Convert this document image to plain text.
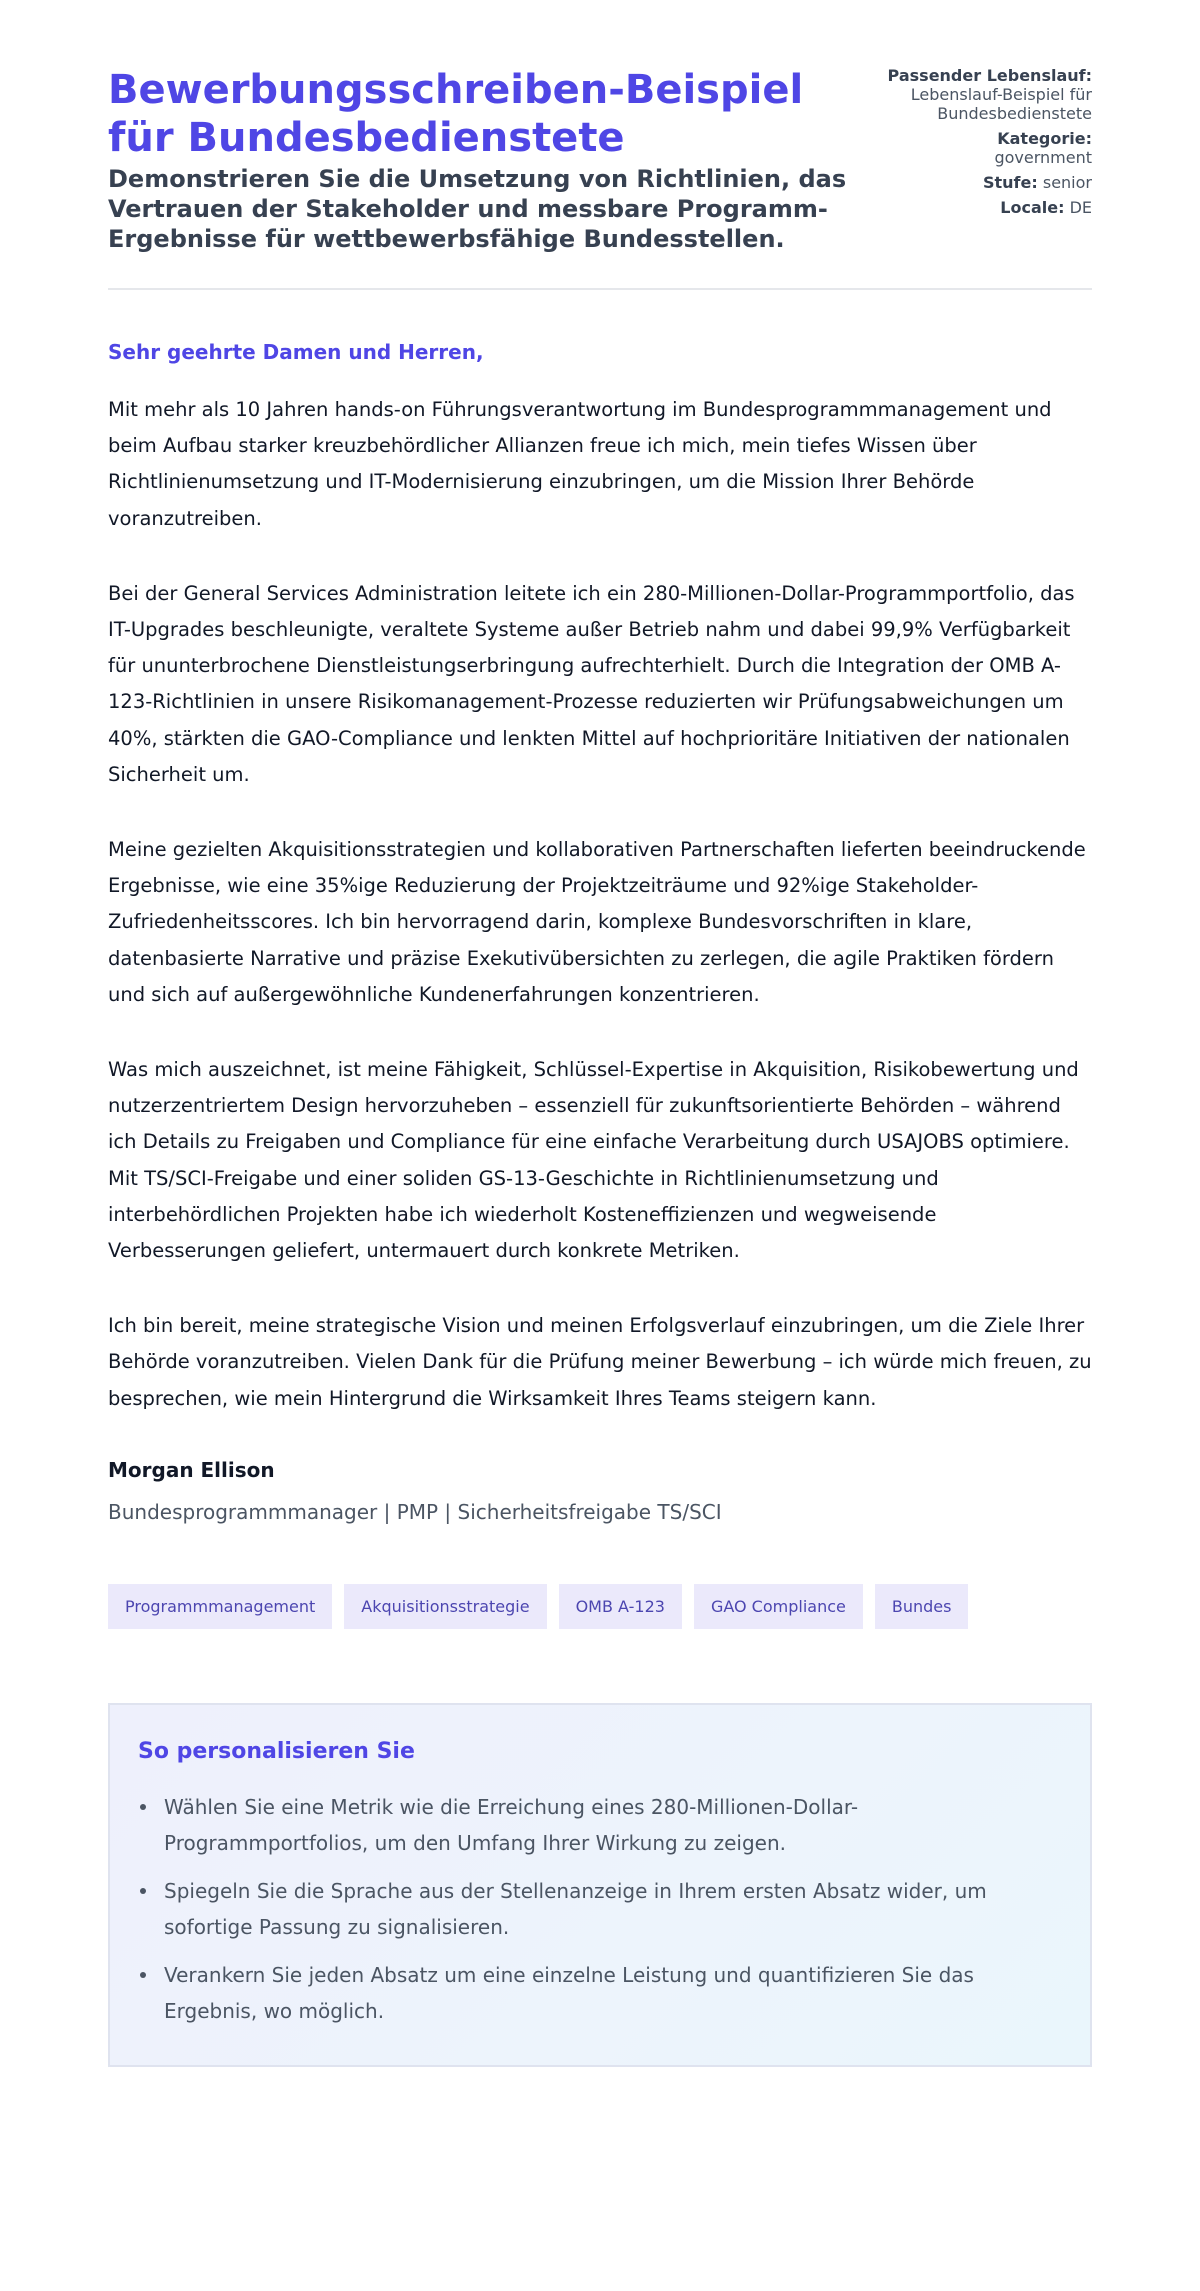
Bewerbungsschreiben-Beispiel für Bundesbedienstete
Demonstrieren Sie die Umsetzung von Richtlinien, das Vertrauen der Stakeholder und messbare Programm-Ergebnisse für wettbewerbsfähige Bundesstellen.
Passender Lebenslauf:
Lebenslauf-Beispiel für Bundesbedienstete
Kategorie:
government
Stufe: senior
Locale: DE
Sehr geehrte Damen und Herren,

Mit mehr als 10 Jahren hands-on Führungsverantwortung im Bundesprogrammmanagement und beim Aufbau starker kreuzbehördlicher Allianzen freue ich mich, mein tiefes Wissen über Richtlinienumsetzung und IT-Modernisierung einzubringen, um die Mission Ihrer Behörde voranzutreiben.

Bei der General Services Administration leitete ich ein 280-Millionen-Dollar-Programmportfolio, das IT-Upgrades beschleunigte, veraltete Systeme außer Betrieb nahm und dabei 99,9% Verfügbarkeit für ununterbrochene Dienstleistungserbringung aufrechterhielt. Durch die Integration der OMB A-123-Richtlinien in unsere Risikomanagement-Prozesse reduzierten wir Prüfungsabweichungen um 40%, stärkten die GAO-Compliance und lenkten Mittel auf hochprioritäre Initiativen der nationalen Sicherheit um.

Meine gezielten Akquisitionsstrategien und kollaborativen Partnerschaften lieferten beeindruckende Ergebnisse, wie eine 35%ige Reduzierung der Projektzeiträume und 92%ige Stakeholder-Zufriedenheitsscores. Ich bin hervorragend darin, komplexe Bundesvorschriften in klare, datenbasierte Narrative und präzise Exekutivübersichten zu zerlegen, die agile Praktiken fördern und sich auf außergewöhnliche Kundenerfahrungen konzentrieren.

Was mich auszeichnet, ist meine Fähigkeit, Schlüssel-Expertise in Akquisition, Risikobewertung und nutzerzentriertem Design hervorzuheben – essenziell für zukunftsorientierte Behörden – während ich Details zu Freigaben und Compliance für eine einfache Verarbeitung durch USAJOBS optimiere. Mit TS/SCI-Freigabe und einer soliden GS-13-Geschichte in Richtlinienumsetzung und interbehördlichen Projekten habe ich wiederholt Kosteneffizienzen und wegweisende Verbesserungen geliefert, untermauert durch konkrete Metriken.

Ich bin bereit, meine strategische Vision und meinen Erfolgsverlauf einzubringen, um die Ziele Ihrer Behörde voranzutreiben. Vielen Dank für die Prüfung meiner Bewerbung – ich würde mich freuen, zu besprechen, wie mein Hintergrund die Wirksamkeit Ihres Teams steigern kann.

Morgan Ellison
Bundesprogrammmanager | PMP | Sicherheitsfreigabe TS/SCI
Programmmanagement	Akquisitionsstrategie	OMB A-123	GAO Compliance	Bundes
So personalisieren Sie
Wählen Sie eine Metrik wie die Erreichung eines 280-Millionen-Dollar-Programmportfolios, um den Umfang Ihrer Wirkung zu zeigen.
Spiegeln Sie die Sprache aus der Stellenanzeige in Ihrem ersten Absatz wider, um sofortige Passung zu signalisieren.
Verankern Sie jeden Absatz um eine einzelne Leistung und quantifizieren Sie das Ergebnis, wo möglich.
